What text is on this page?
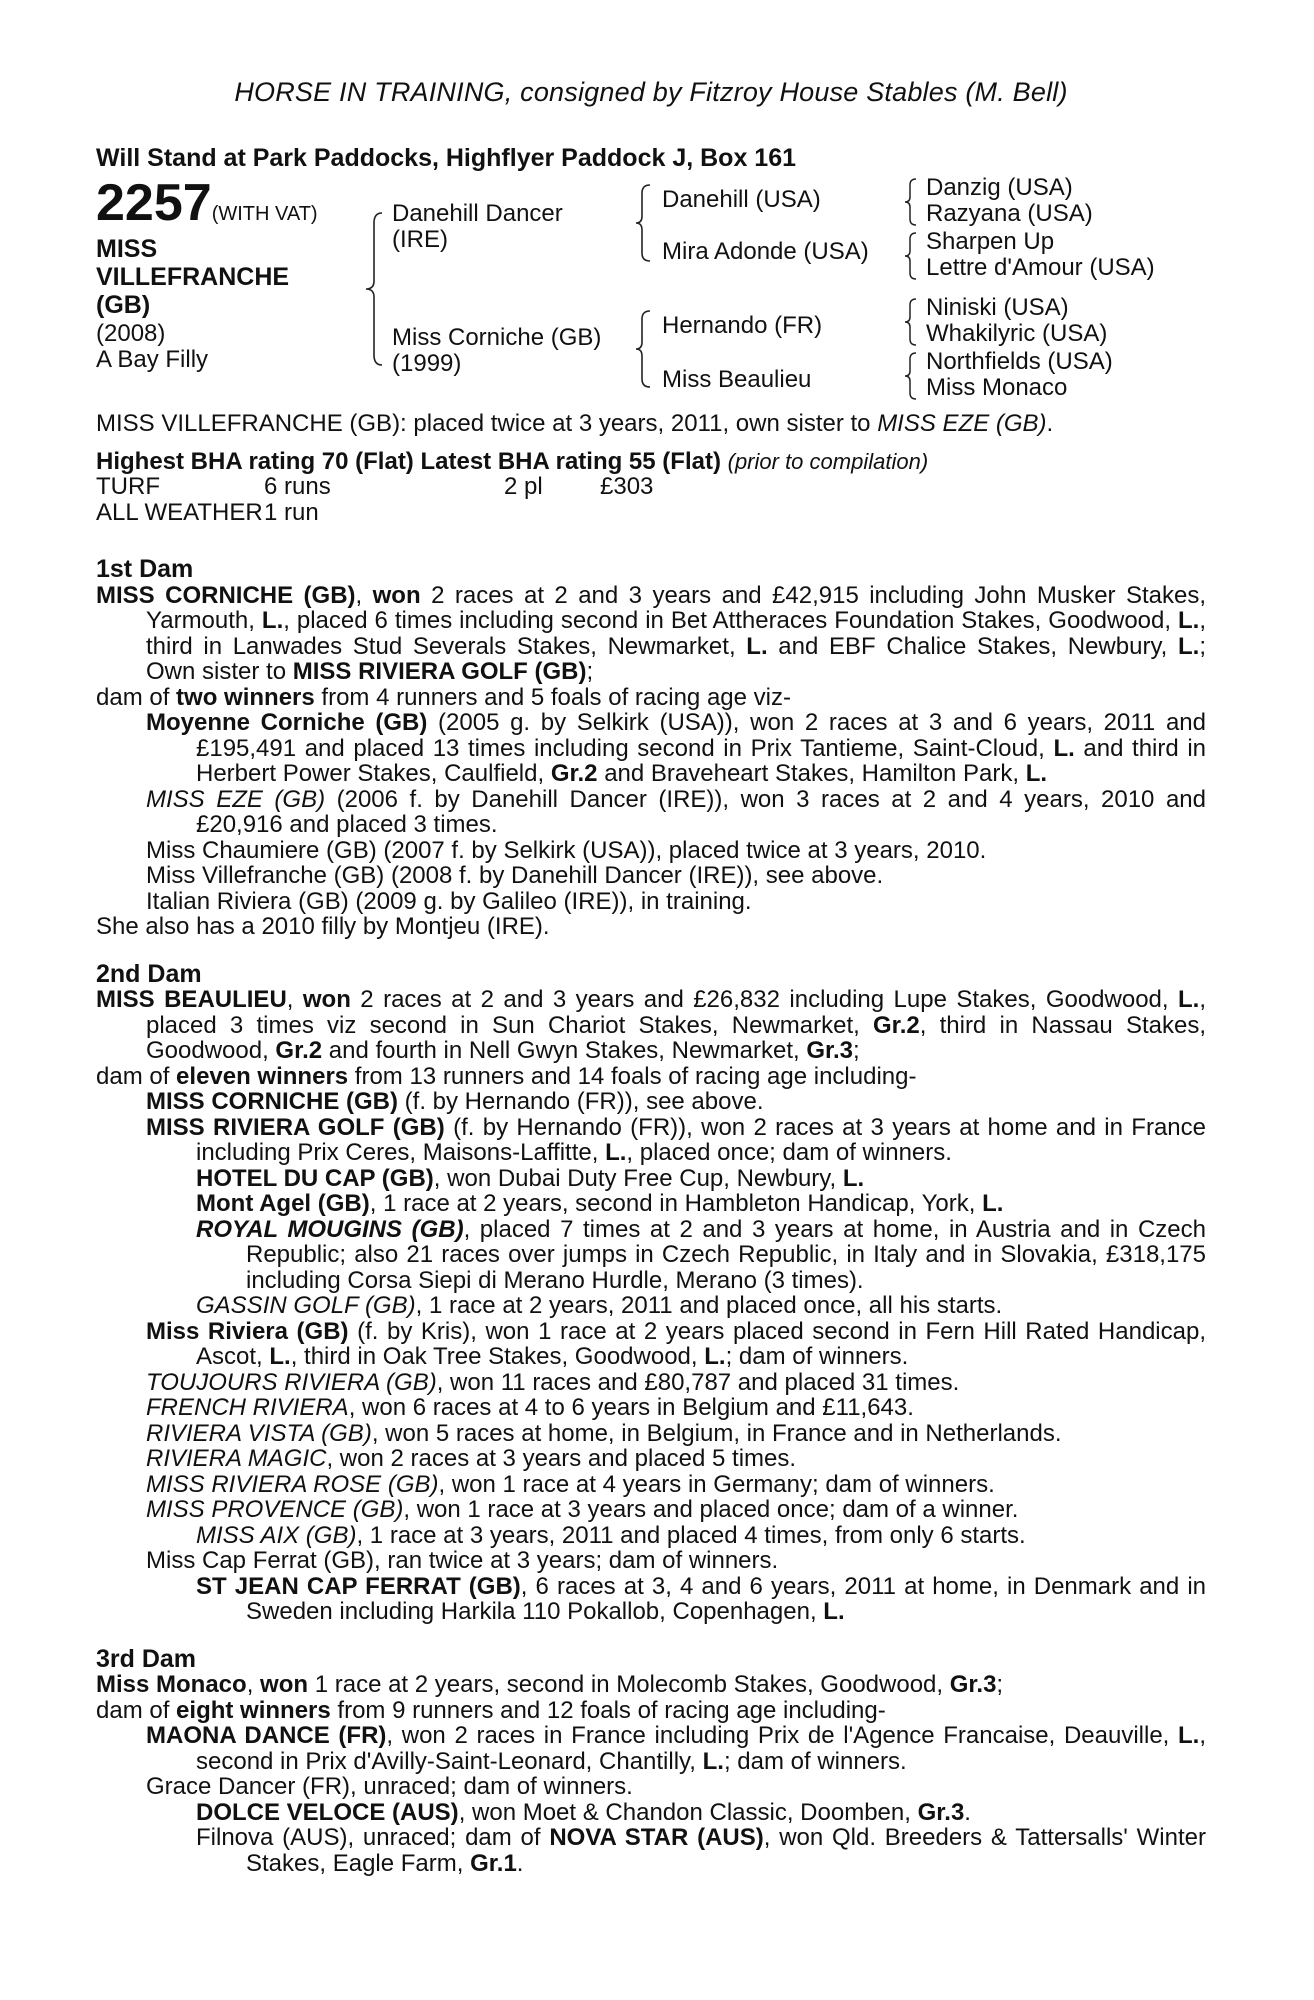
HORSE IN TRAINING, consigned by Fitzroy House Stables (M. Bell)
Will Stand at Park Paddocks, Highflyer Paddock J, Box 161
2257(WITH VAT)
MISS
VILLEFRANCHE
(GB)
(2008)
A Bay Filly
Danehill Dancer
(IRE)
Miss Corniche (GB)
(1999)
Danehill (USA)
Mira Adonde (USA)
Hernando (FR)
Miss Beaulieu
Danzig (USA)
Razyana (USA)
Sharpen Up
Lettre d'Amour (USA)
Niniski (USA)
Whakilyric (USA)
Northfields (USA)
Miss Monaco

MISS VILLEFRANCHE (GB): placed twice at 3 years, 2011, own sister to MISS EZE (GB).

Highest BHA rating 70 (Flat) Latest BHA rating 55 (Flat) (prior to compilation)

TURF	6 runs	2 pl	£303
ALL WEATHER 1 run
1st Dam

MISS CORNICHE (GB), won 2 races at 2 and 3 years and £42,915 including John Musker Stakes, Yarmouth, L., placed 6 times including second in Bet Attheraces Foundation Stakes, Goodwood, L., third in Lanwades Stud Severals Stakes, Newmarket, L. and EBF Chalice Stakes, Newbury, L.; Own sister to MISS RIVIERA GOLF (GB);

dam of two winners from 4 runners and 5 foals of racing age viz-

Moyenne Corniche (GB) (2005 g. by Selkirk (USA)), won 2 races at 3 and 6 years, 2011 and £195,491 and placed 13 times including second in Prix Tantieme, Saint-Cloud, L. and third in Herbert Power Stakes, Caulfield, Gr.2 and Braveheart Stakes, Hamilton Park, L.

MISS EZE (GB) (2006 f. by Danehill Dancer (IRE)), won 3 races at 2 and 4 years, 2010 and £20,916 and placed 3 times.

Miss Chaumiere (GB) (2007 f. by Selkirk (USA)), placed twice at 3 years, 2010.

Miss Villefranche (GB) (2008 f. by Danehill Dancer (IRE)), see above.

Italian Riviera (GB) (2009 g. by Galileo (IRE)), in training.

She also has a 2010 filly by Montjeu (IRE).

2nd Dam

MISS BEAULIEU, won 2 races at 2 and 3 years and £26,832 including Lupe Stakes, Goodwood, L., placed 3 times viz second in Sun Chariot Stakes, Newmarket, Gr.2, third in Nassau Stakes, Goodwood, Gr.2 and fourth in Nell Gwyn Stakes, Newmarket, Gr.3;

dam of eleven winners from 13 runners and 14 foals of racing age including-

MISS CORNICHE (GB) (f. by Hernando (FR)), see above.

MISS RIVIERA GOLF (GB) (f. by Hernando (FR)), won 2 races at 3 years at home and in France including Prix Ceres, Maisons-Laffitte, L., placed once; dam of winners.

HOTEL DU CAP (GB), won Dubai Duty Free Cup, Newbury, L.

Mont Agel (GB), 1 race at 2 years, second in Hambleton Handicap, York, L.

ROYAL MOUGINS (GB), placed 7 times at 2 and 3 years at home, in Austria and in Czech Republic; also 21 races over jumps in Czech Republic, in Italy and in Slovakia, £318,175 including Corsa Siepi di Merano Hurdle, Merano (3 times).

GASSIN GOLF (GB), 1 race at 2 years, 2011 and placed once, all his starts.

Miss Riviera (GB) (f. by Kris), won 1 race at 2 years placed second in Fern Hill Rated Handicap, Ascot, L., third in Oak Tree Stakes, Goodwood, L.; dam of winners.

TOUJOURS RIVIERA (GB), won 11 races and £80,787 and placed 31 times.

FRENCH RIVIERA, won 6 races at 4 to 6 years in Belgium and £11,643.

RIVIERA VISTA (GB), won 5 races at home, in Belgium, in France and in Netherlands.

RIVIERA MAGIC, won 2 races at 3 years and placed 5 times.

MISS RIVIERA ROSE (GB), won 1 race at 4 years in Germany; dam of winners.

MISS PROVENCE (GB), won 1 race at 3 years and placed once; dam of a winner.

MISS AIX (GB), 1 race at 3 years, 2011 and placed 4 times, from only 6 starts.

Miss Cap Ferrat (GB), ran twice at 3 years; dam of winners.

ST JEAN CAP FERRAT (GB), 6 races at 3, 4 and 6 years, 2011 at home, in Denmark and in Sweden including Harkila 110 Pokallob, Copenhagen, L.

3rd Dam

Miss Monaco, won 1 race at 2 years, second in Molecomb Stakes, Goodwood, Gr.3;

dam of eight winners from 9 runners and 12 foals of racing age including-

MAONA DANCE (FR), won 2 races in France including Prix de l'Agence Francaise, Deauville, L., second in Prix d'Avilly-Saint-Leonard, Chantilly, L.; dam of winners.

Grace Dancer (FR), unraced; dam of winners.

DOLCE VELOCE (AUS), won Moet & Chandon Classic, Doomben, Gr.3.

Filnova (AUS), unraced; dam of NOVA STAR (AUS), won Qld. Breeders & Tattersalls' Winter Stakes, Eagle Farm, Gr.1.
